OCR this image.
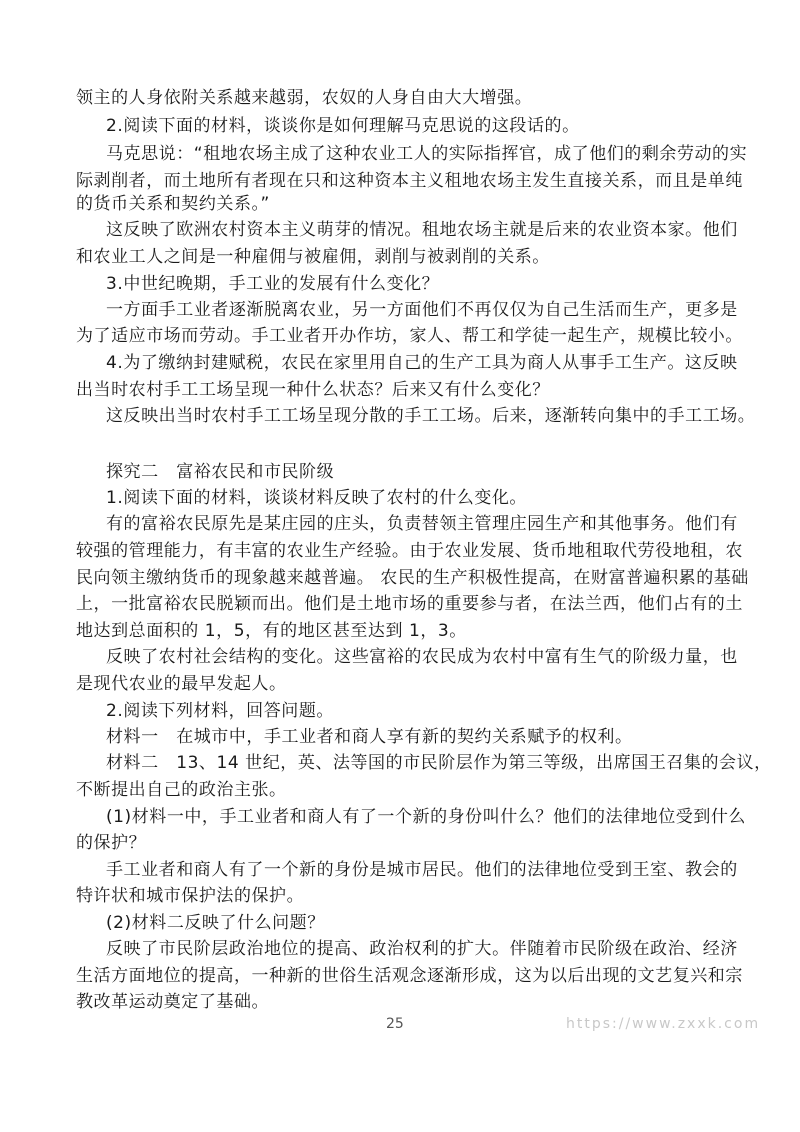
领主的人身依附关系越来越弱，农奴的人身自由大大增强。
2.阅读下面的材料，谈谈你是如何理解马克思说的这段话的。
马克思说：“租地农场主成了这种农业工人的实际指挥官，成了他们的剩余劳动的实
际剥削者，而土地所有者现在只和这种资本主义租地农场主发生直接关系，而且是单纯
的货币关系和契约关系。”
这反映了欧洲农村资本主义萌芽的情况。租地农场主就是后来的农业资本家。他们
和农业工人之间是一种雇佣与被雇佣，剥削与被剥削的关系。
3.中世纪晚期，手工业的发展有什么变化？
一方面手工业者逐渐脱离农业，另一方面他们不再仅仅为自己生活而生产，更多是
为了适应市场而劳动。手工业者开办作坊，家人、帮工和学徒一起生产，规模比较小。
4.为了缴纳封建赋税，农民在家里用自己的生产工具为商人从事手工生产。这反映
出当时农村手工工场呈现一种什么状态？后来又有什么变化？
这反映出当时农村手工工场呈现分散的手工工场。后来，逐渐转向集中的手工工场。
探究二　富裕农民和市民阶级
1.阅读下面的材料，谈谈材料反映了农村的什么变化。
有的富裕农民原先是某庄园的庄头，负责替领主管理庄园生产和其他事务。他们有
较强的管理能力，有丰富的农业生产经验。由于农业发展、货币地租取代劳役地租，农
民向领主缴纳货币的现象越来越普遍。 农民的生产积极性提高，在财富普遍积累的基础
上，一批富裕农民脱颖而出。他们是土地市场的重要参与者，在法兰西，他们占有的土
地达到总面积的 1，5，有的地区甚至达到 1，3。
反映了农村社会结构的变化。这些富裕的农民成为农村中富有生气的阶级力量，也
是现代农业的最早发起人。
2.阅读下列材料，回答问题。
材料一　在城市中，手工业者和商人享有新的契约关系赋予的权利。
材料二　13、14 世纪，英、法等国的市民阶层作为第三等级，出席国王召集的会议，
不断提出自己的政治主张。
(1)材料一中，手工业者和商人有了一个新的身份叫什么？他们的法律地位受到什么
的保护？
手工业者和商人有了一个新的身份是城市居民。他们的法律地位受到王室、教会的
特许状和城市保护法的保护。
(2)材料二反映了什么问题？
反映了市民阶层政治地位的提高、政治权利的扩大。伴随着市民阶级在政治、经济
生活方面地位的提高，一种新的世俗生活观念逐渐形成，这为以后出现的文艺复兴和宗
教改革运动奠定了基础。
25	https://www.zxxk.com
